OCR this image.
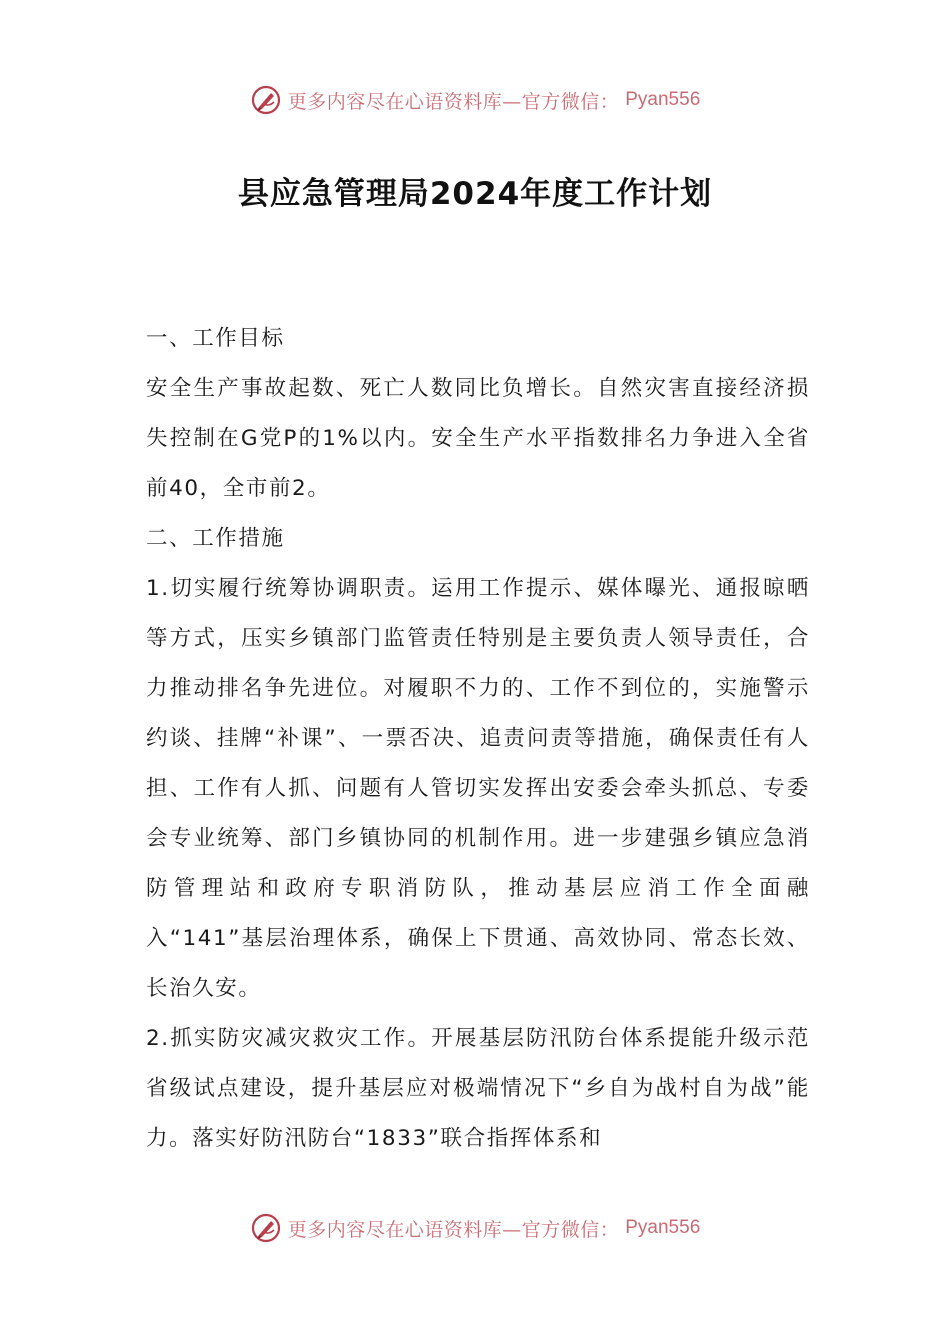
更多内容尽在心语资料库—官方微信： Pyan556
县应急管理局2024年度工作计划

一、工作目标

安全生产事故起数、死亡人数同比负增长。自然灾害直接经济损失控制在G党P的1%以内。安全生产水平指数排名力争进入全省前40，全市前2。

二、工作措施

1.切实履行统筹协调职责。运用工作提示、媒体曝光、通报晾晒等方式，压实乡镇部门监管责任特别是主要负责人领导责任，合力推动排名争先进位。对履职不力的、工作不到位的，实施警示约谈、挂牌“补课”、一票否决、追责问责等措施，确保责任有人担、工作有人抓、问题有人管切实发挥出安委会牵头抓总、专委会专业统筹、部门乡镇协同的机制作用。进一步建强乡镇应急消防管理站和政府专职消防队，推动基层应消工作全面融入“141”基层治理体系，确保上下贯通、高效协同、常态长效、长治久安。

2.抓实防灾减灾救灾工作。开展基层防汛防台体系提能升级示范省级试点建设，提升基层应对极端情况下“乡自为战村自为战”能力。落实好防汛防台“1833”联合指挥体系和

更多内容尽在心语资料库—官方微信： Pyan556
